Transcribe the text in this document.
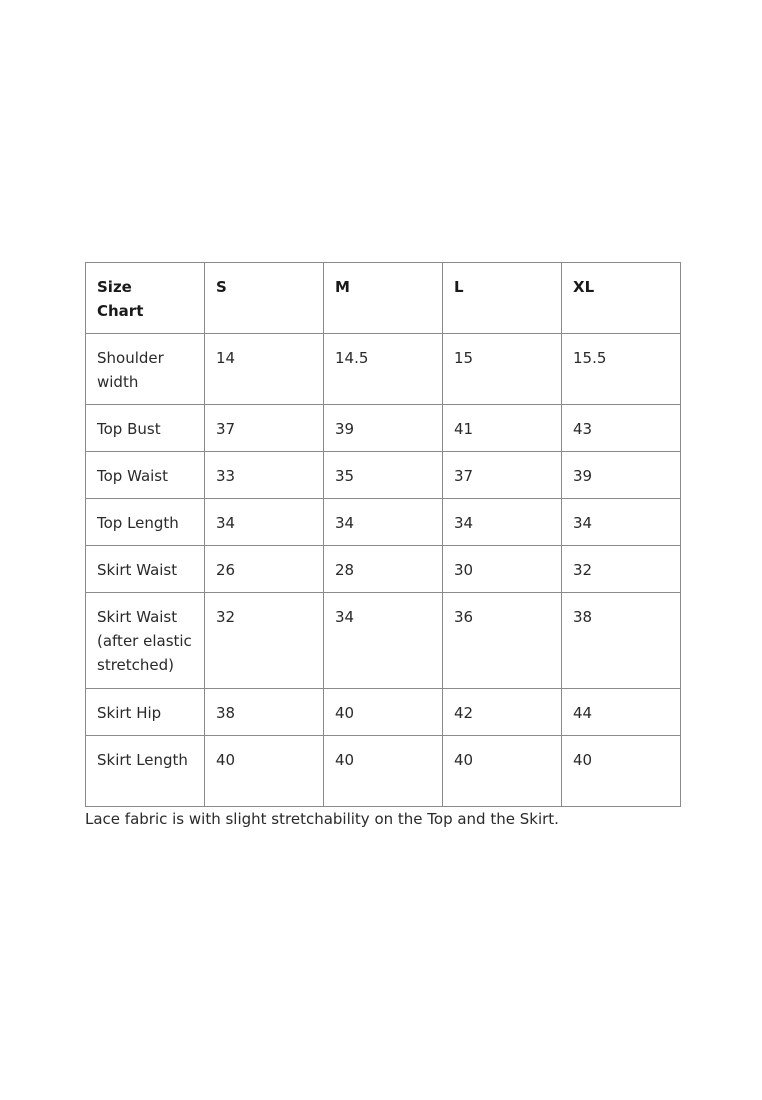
Size
Chart	S	M	L	XL
Shoulder width	14	14.5	15	15.5
Top Bust	37	39	41	43
Top Waist	33	35	37	39
Top Length	34	34	34	34
Skirt Waist	26	28	30	32
Skirt Waist (after elastic stretched)	32	34	36	38
Skirt Hip	38	40	42	44
Skirt Length	40	40	40	40
Lace fabric is with slight stretchability on the Top and the Skirt.
